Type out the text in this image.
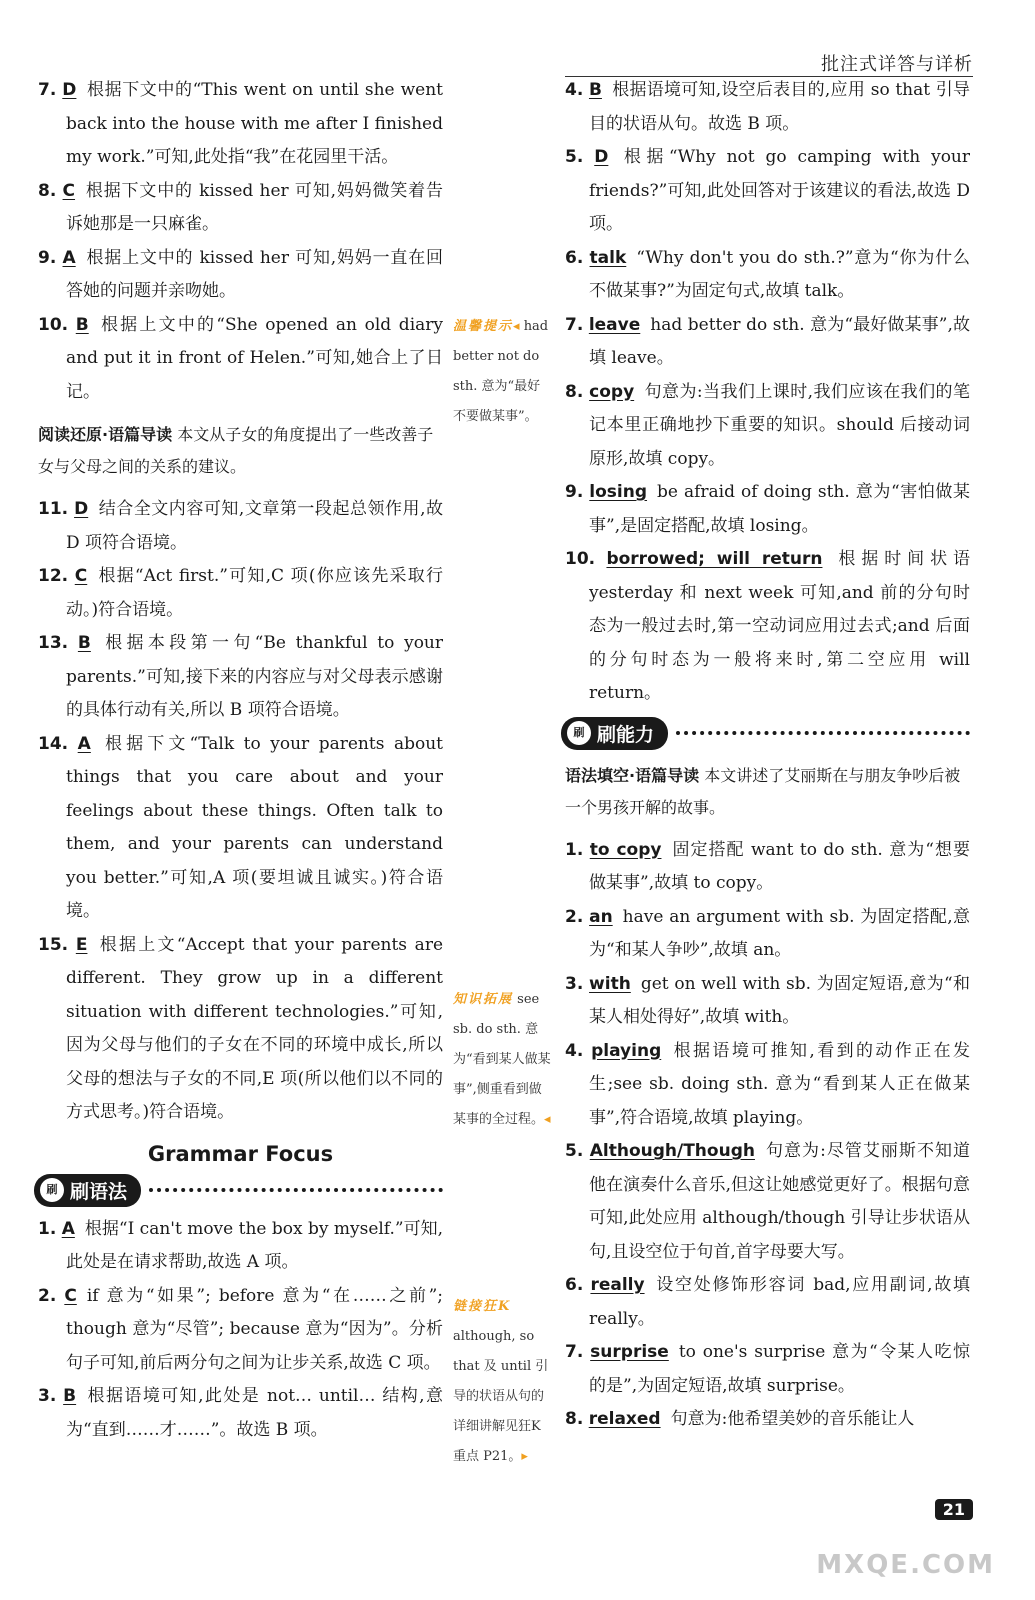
批注式详答与详析

7. D 根据下文中的“This went on until she went back into the house with me after I finished my work.”可知,此处指“我”在花园里干活。

8. C 根据下文中的 kissed her 可知,妈妈微笑着告诉她那是一只麻雀。

9. A 根据上文中的 kissed her 可知,妈妈一直在回答她的问题并亲吻她。

10. B 根据上文中的“She opened an old diary and put it in front of Helen.”可知,她合上了日记。

阅读还原·语篇导读 本文从子女的角度提出了一些改善子女与父母之间的关系的建议。

11. D 结合全文内容可知,文章第一段起总领作用,故 D 项符合语境。

12. C 根据“Act first.”可知,C 项(你应该先采取行动。)符合语境。

13. B 根据本段第一句“Be thankful to your parents.”可知,接下来的内容应与对父母表示感谢的具体行动有关,所以 B 项符合语境。

14. A 根据下文“Talk to your parents about things that you care about and your feelings about these things. Often talk to them, and your parents can understand you better.”可知,A 项(要坦诚且诚实。)符合语境。

15. E 根据上文“Accept that your parents are different. They grow up in a different situation with different technologies.”可知,因为父母与他们的子女在不同的环境中成长,所以父母的想法与子女的不同,E 项(所以他们以不同的方式思考。)符合语境。

Grammar Focus
刷 刷语法

1. A 根据“I can't move the box by myself.”可知,此处是在请求帮助,故选 A 项。

2. C if 意为“如果”; before 意为“在……之前”; though 意为“尽管”; because 意为“因为”。分析句子可知,前后两分句之间为让步关系,故选 C 项。

3. B 根据语境可知,此处是 not… until… 结构,意为“直到……才……”。故选 B 项。

温馨提示◂ had better not do sth. 意为“最好不要做某事”。
知识拓展 see sb. do sth. 意为“看到某人做某事”,侧重看到做某事的全过程。◂
链接狂K although, so that 及 until 引导的状语从句的详细讲解见狂K重点 P21。▸

4. B 根据语境可知,设空后表目的,应用 so that 引导目的状语从句。故选 B 项。

5. D 根据“Why not go camping with your friends?”可知,此处回答对于该建议的看法,故选 D 项。

6. talk “Why don't you do sth.?”意为“你为什么不做某事?”为固定句式,故填 talk。

7. leave had better do sth. 意为“最好做某事”,故填 leave。

8. copy 句意为:当我们上课时,我们应该在我们的笔记本里正确地抄下重要的知识。should 后接动词原形,故填 copy。

9. losing be afraid of doing sth. 意为“害怕做某事”,是固定搭配,故填 losing。

10. borrowed; will return 根据时间状语 yesterday 和 next week 可知,and 前的分句时态为一般过去时,第一空动词应用过去式;and 后面的分句时态为一般将来时,第二空应用 will return。

刷 刷能力
语法填空·语篇导读 本文讲述了艾丽斯在与朋友争吵后被一个男孩开解的故事。

1. to copy 固定搭配 want to do sth. 意为“想要做某事”,故填 to copy。

2. an have an argument with sb. 为固定搭配,意为“和某人争吵”,故填 an。

3. with get on well with sb. 为固定短语,意为“和某人相处得好”,故填 with。

4. playing 根据语境可推知,看到的动作正在发生;see sb. doing sth. 意为“看到某人正在做某事”,符合语境,故填 playing。

5. Although/Though 句意为:尽管艾丽斯不知道他在演奏什么音乐,但这让她感觉更好了。根据句意可知,此处应用 although/though 引导让步状语从句,且设空位于句首,首字母要大写。

6. really 设空处修饰形容词 bad,应用副词,故填 really。

7. surprise to one's surprise 意为“令某人吃惊的是”,为固定短语,故填 surprise。

8. relaxed 句意为:他希望美妙的音乐能让人

21
MXQE.COM
